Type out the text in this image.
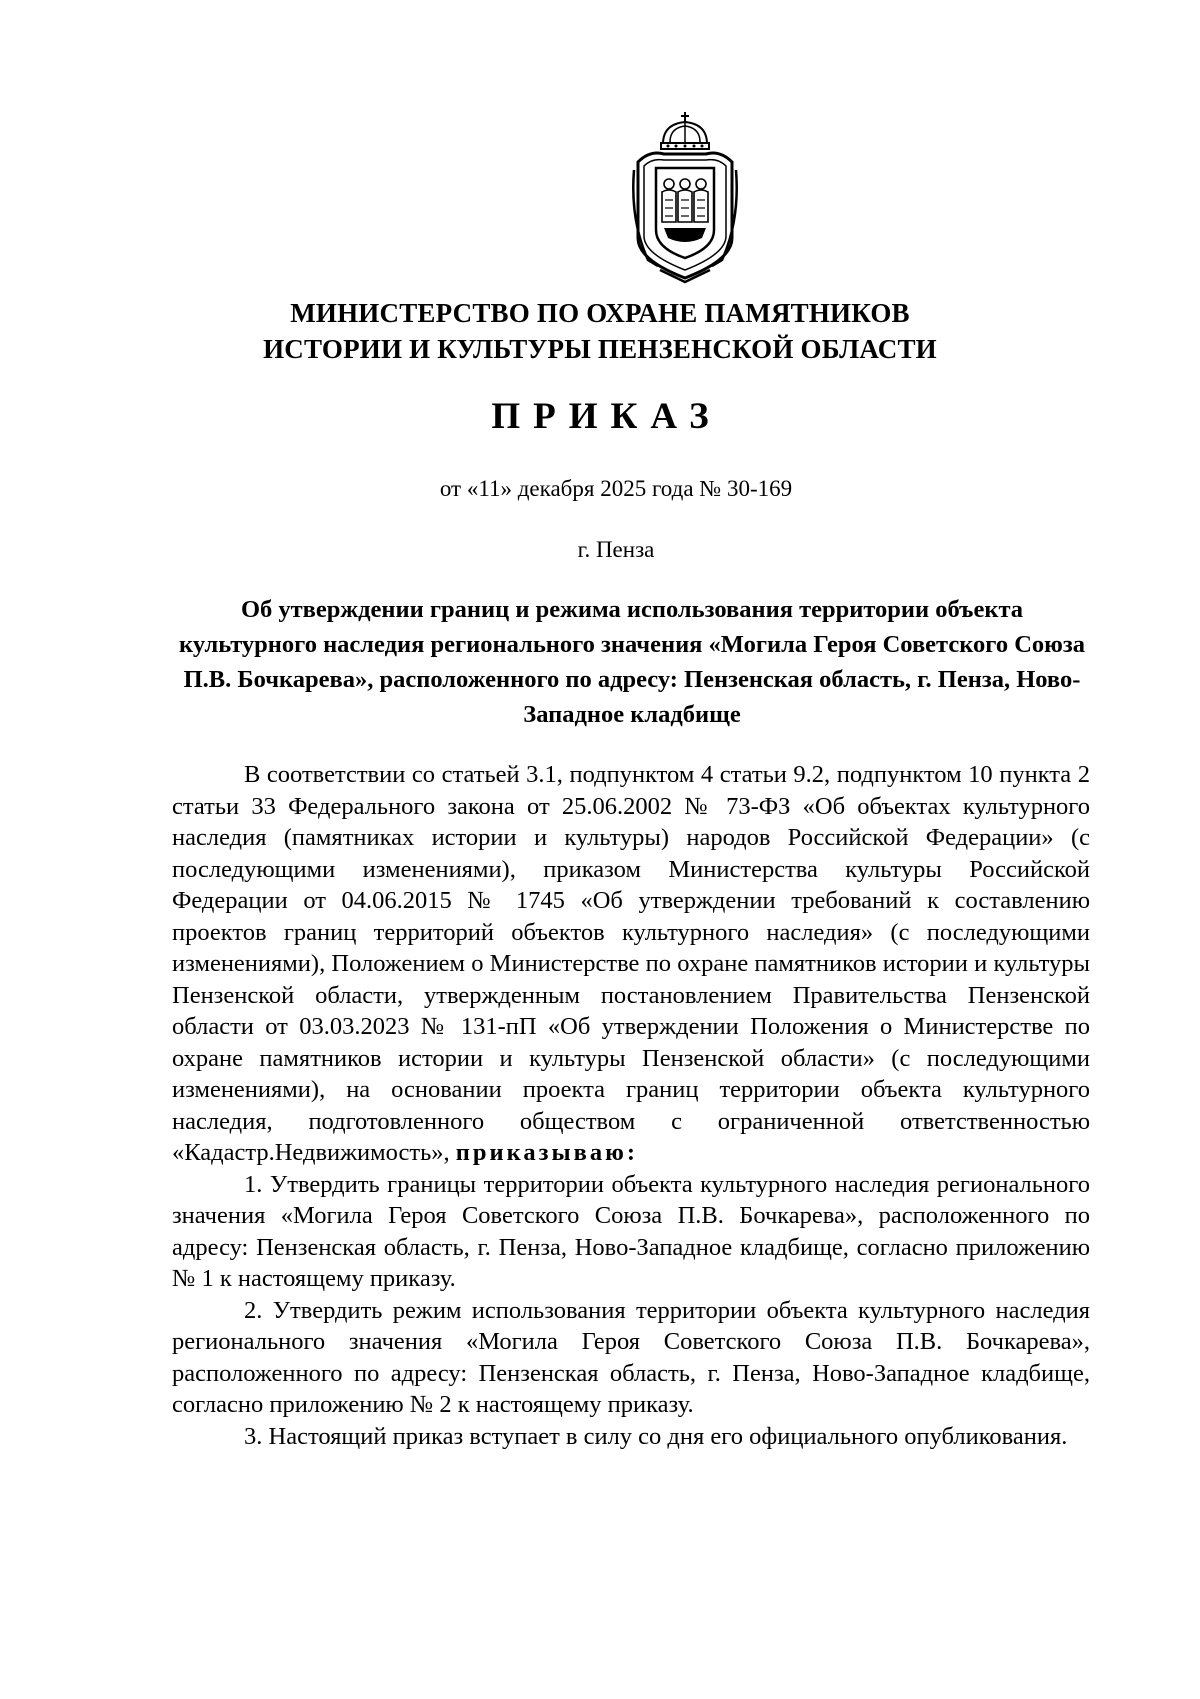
МИНИСТЕРСТВО ПО ОХРАНЕ ПАМЯТНИКОВ
ИСТОРИИ И КУЛЬТУРЫ ПЕНЗЕНСКОЙ ОБЛАСТИ
ПРИКАЗ
от «11» декабря 2025 года № 30-169
г. Пенза
Об утверждении границ и режима использования территории объекта культурного наследия регионального значения «Могила Героя Советского Союза П.В. Бочкарева», расположенного по адресу: Пензенская область, г. Пенза, Ново-Западное кладбище

В соответствии со статьей 3.1, подпунктом 4 статьи 9.2, подпунктом 10 пункта 2 статьи 33 Федерального закона от 25.06.2002 № 73-ФЗ «Об объектах культурного наследия (памятниках истории и культуры) народов Российской Федерации» (с последующими изменениями), приказом Министерства культуры Российской Федерации от 04.06.2015 № 1745 «Об утверждении требований к составлению проектов границ территорий объектов культурного наследия» (с последующими изменениями), Положением о Министерстве по охране памятников истории и культуры Пензенской области, утвержденным постановлением Правительства Пензенской области от 03.03.2023 № 131-пП «Об утверждении Положения о Министерстве по охране памятников истории и культуры Пензенской области» (с последующими изменениями), на основании проекта границ территории объекта культурного наследия, подготовленного обществом с ограниченной ответственностью «Кадастр.Недвижимость», приказываю:

1. Утвердить границы территории объекта культурного наследия регионального значения «Могила Героя Советского Союза П.В. Бочкарева», расположенного по адресу: Пензенская область, г. Пенза, Ново-Западное кладбище, согласно приложению № 1 к настоящему приказу.

2. Утвердить режим использования территории объекта культурного наследия регионального значения «Могила Героя Советского Союза П.В. Бочкарева», расположенного по адресу: Пензенская область, г. Пенза, Ново-Западное кладбище, согласно приложению № 2 к настоящему приказу.

3. Настоящий приказ вступает в силу со дня его официального опубликования.
